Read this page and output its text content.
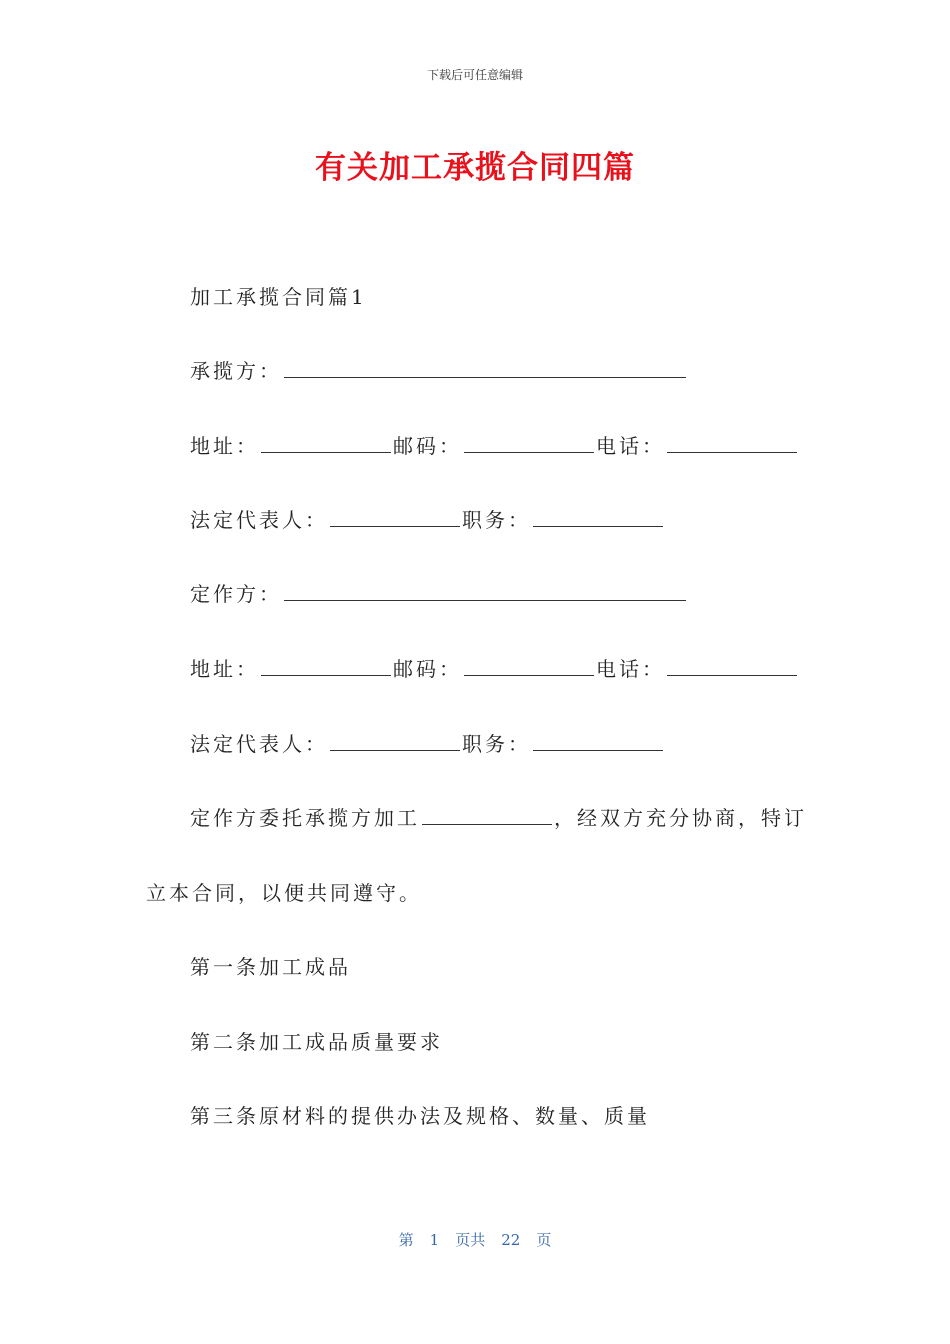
下载后可任意编辑
有关加工承揽合同四篇
加工承揽合同篇1
承揽方：
地址：	邮码：	电话：
法定代表人：	职务：
定作方：
地址：	邮码：	电话：
法定代表人：	职务：
定作方委托承揽方加工	，经双方充分协商，特订
立本合同，以便共同遵守。
第一条加工成品
第二条加工成品质量要求
第三条原材料的提供办法及规格、数量、质量
第 1 页共 22 页
